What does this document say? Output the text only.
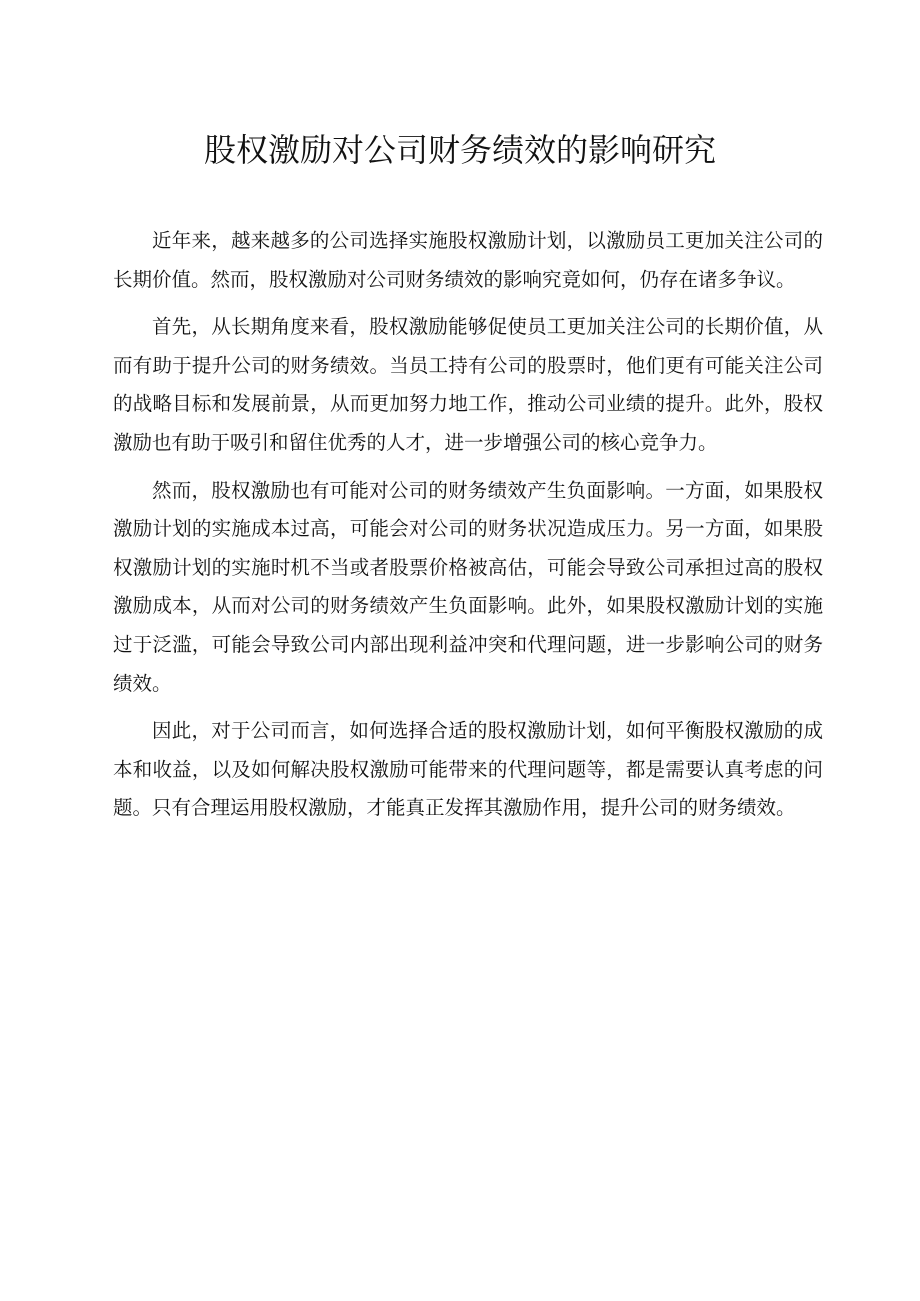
股权激励对公司财务绩效的影响研究

近年来，越来越多的公司选择实施股权激励计划，以激励员工更加关注公司的长期价值。然而，股权激励对公司财务绩效的影响究竟如何，仍存在诸多争议。

首先，从长期角度来看，股权激励能够促使员工更加关注公司的长期价值，从而有助于提升公司的财务绩效。当员工持有公司的股票时，他们更有可能关注公司的战略目标和发展前景，从而更加努力地工作，推动公司业绩的提升。此外，股权激励也有助于吸引和留住优秀的人才，进一步增强公司的核心竞争力。

然而，股权激励也有可能对公司的财务绩效产生负面影响。一方面，如果股权激励计划的实施成本过高，可能会对公司的财务状况造成压力。另一方面，如果股权激励计划的实施时机不当或者股票价格被高估，可能会导致公司承担过高的股权激励成本，从而对公司的财务绩效产生负面影响。此外，如果股权激励计划的实施过于泛滥，可能会导致公司内部出现利益冲突和代理问题，进一步影响公司的财务绩效。

因此，对于公司而言，如何选择合适的股权激励计划，如何平衡股权激励的成本和收益，以及如何解决股权激励可能带来的代理问题等，都是需要认真考虑的问题。只有合理运用股权激励，才能真正发挥其激励作用，提升公司的财务绩效。
